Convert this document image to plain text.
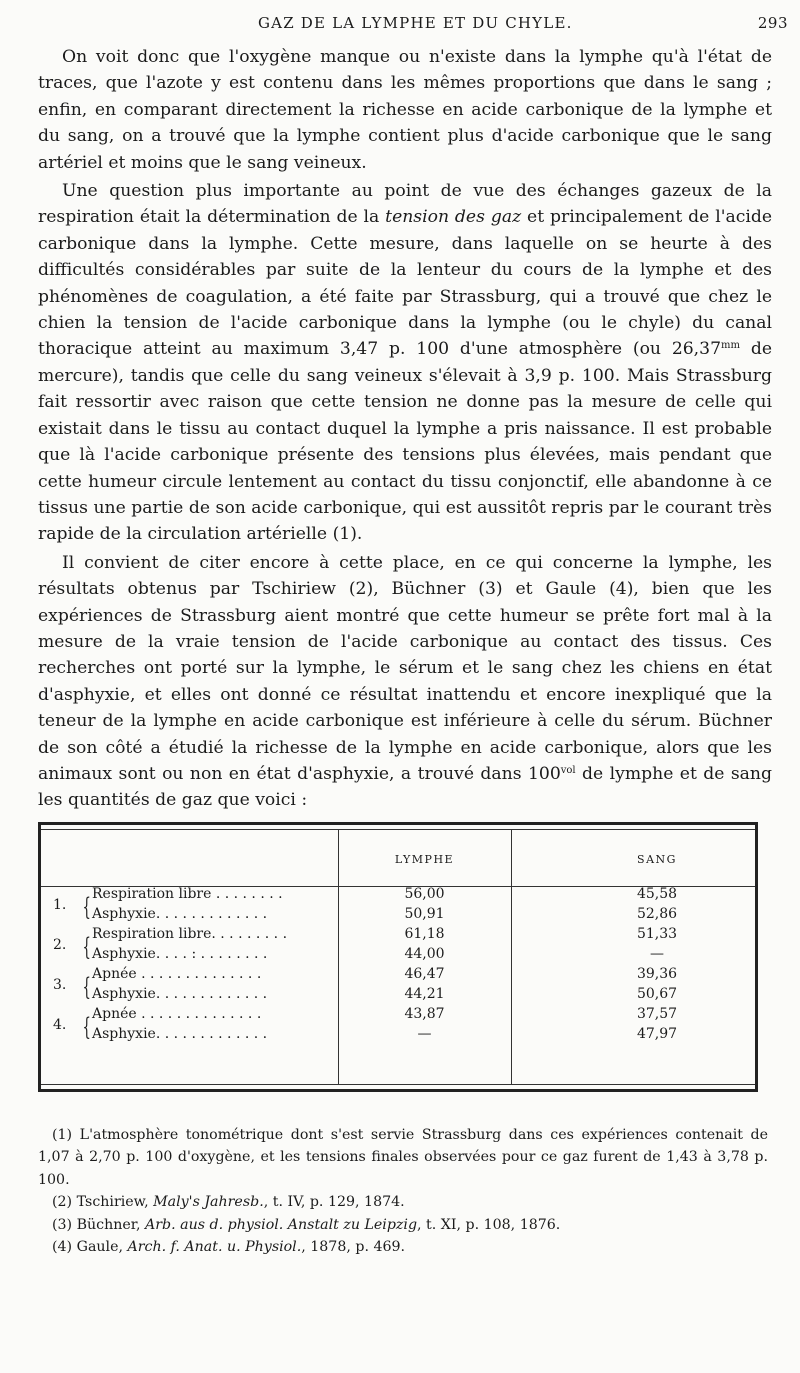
GAZ DE LA LYMPHE ET DU CHYLE.	293

On voit donc que l'oxygène manque ou n'existe dans la lymphe qu'à l'état de traces, que l'azote y est contenu dans les mêmes proportions que dans le sang ; enfin, en comparant directement la richesse en acide carbonique de la lymphe et du sang, on a trouvé que la lymphe contient plus d'acide carbonique que le sang artériel et moins que le sang veineux.

Une question plus importante au point de vue des échanges gazeux de la respiration était la détermination de la tension des gaz et principalement de l'acide carbonique dans la lymphe. Cette mesure, dans laquelle on se heurte à des difficultés considérables par suite de la lenteur du cours de la lymphe et des phénomènes de coagulation, a été faite par Strassburg, qui a trouvé que chez le chien la tension de l'acide carbonique dans la lymphe (ou le chyle) du canal thoracique atteint au maximum 3,47 p. 100 d'une atmosphère (ou $26,37^{mm}$ de mercure), tandis que celle du sang veineux s'élevait à 3,9 p. 100. Mais Strassburg fait ressortir avec raison que cette tension ne donne pas la mesure de celle qui existait dans le tissu au contact duquel la lymphe a pris naissance. Il est probable que là l'acide carbonique présente des tensions plus élevées, mais pendant que cette humeur circule lentement au contact du tissu conjonctif, elle abandonne à ce tissus une partie de son acide carbonique, qui est aussitôt repris par le courant très rapide de la circulation artérielle (1).

Il convient de citer encore à cette place, en ce qui concerne la lymphe, les résultats obtenus par Tschiriew (2), Büchner (3) et Gaule (4), bien que les expériences de Strassburg aient montré que cette humeur se prête fort mal à la mesure de la vraie tension de l'acide carbonique au contact des tissus. Ces recherches ont porté sur la lymphe, le sérum et le sang chez les chiens en état d'asphyxie, et elles ont donné ce résultat inattendu et encore inexpliqué que la teneur de la lymphe en acide carbonique est inférieure à celle du sérum. Büchner de son côté a étudié la richesse de la lymphe en acide carbonique, alors que les animaux sont ou non en état d'asphyxie, a trouvé dans $100^{vol}$ de lymphe et de sang les quantités de gaz que voici :

LYMPHE	SANG
1. { Respiration libre . . . . . . . .	56,00	45,58
Asphyxie. . . . . . . . . . . . .	50,91	52,86
2. { Respiration libre. . . . . . . . .	61,18	51,33
Asphyxie. . . . : . . . . . . . .	44,00	—
3. { Apnée . . . . . . . . . . . . . .	46,47	39,36
Asphyxie. . . . . . . . . . . . .	44,21	50,67
4. { Apnée . . . . . . . . . . . . . .	43,87	37,57
Asphyxie. . . . . . . . . . . . .	—	47,97

(1) L'atmosphère tonométrique dont s'est servie Strassburg dans ces expériences contenait de 1,07 à 2,70 p. 100 d'oxygène, et les tensions finales observées pour ce gaz furent de 1,43 à 3,78 p. 100.

(2) Tschiriew, Maly's Jahresb., t. IV, p. 129, 1874.

(3) Büchner, Arb. aus d. physiol. Anstalt zu Leipzig, t. XI, p. 108, 1876.

(4) Gaule, Arch. f. Anat. u. Physiol., 1878, p. 469.
